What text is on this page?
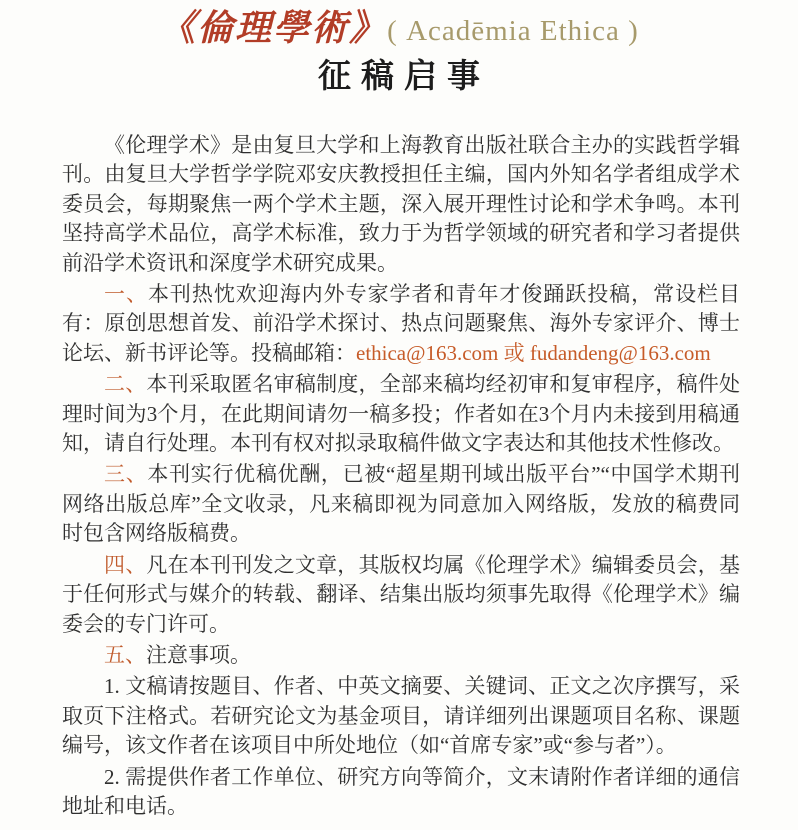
《倫理學術》( Acadēmia Ethica )
征稿启事

《伦理学术》是由复旦大学和上海教育出版社联合主办的实践哲学辑刊。由复旦大学哲学学院邓安庆教授担任主编，国内外知名学者组成学术委员会，每期聚焦一两个学术主题，深入展开理性讨论和学术争鸣。本刊坚持高学术品位，高学术标准，致力于为哲学领域的研究者和学习者提供前沿学术资讯和深度学术研究成果。

一、本刊热忱欢迎海内外专家学者和青年才俊踊跃投稿，常设栏目有：原创思想首发、前沿学术探讨、热点问题聚焦、海外专家评介、博士论坛、新书评论等。投稿邮箱：ethica@163.com 或 fudandeng@163.com

二、本刊采取匿名审稿制度，全部来稿均经初审和复审程序，稿件处理时间为3个月，在此期间请勿一稿多投；作者如在3个月内未接到用稿通知，请自行处理。本刊有权对拟录取稿件做文字表达和其他技术性修改。

三、本刊实行优稿优酬，已被“超星期刊域出版平台”“中国学术期刊网络出版总库”全文收录，凡来稿即视为同意加入网络版，发放的稿费同时包含网络版稿费。

四、凡在本刊刊发之文章，其版权均属《伦理学术》编辑委员会，基于任何形式与媒介的转载、翻译、结集出版均须事先取得《伦理学术》编委会的专门许可。

五、注意事项。

1. 文稿请按题目、作者、中英文摘要、关键词、正文之次序撰写，采取页下注格式。若研究论文为基金项目，请详细列出课题项目名称、课题编号，该文作者在该项目中所处地位（如“首席专家”或“参与者”）。

2. 需提供作者工作单位、研究方向等简介，文末请附作者详细的通信地址和电话。
